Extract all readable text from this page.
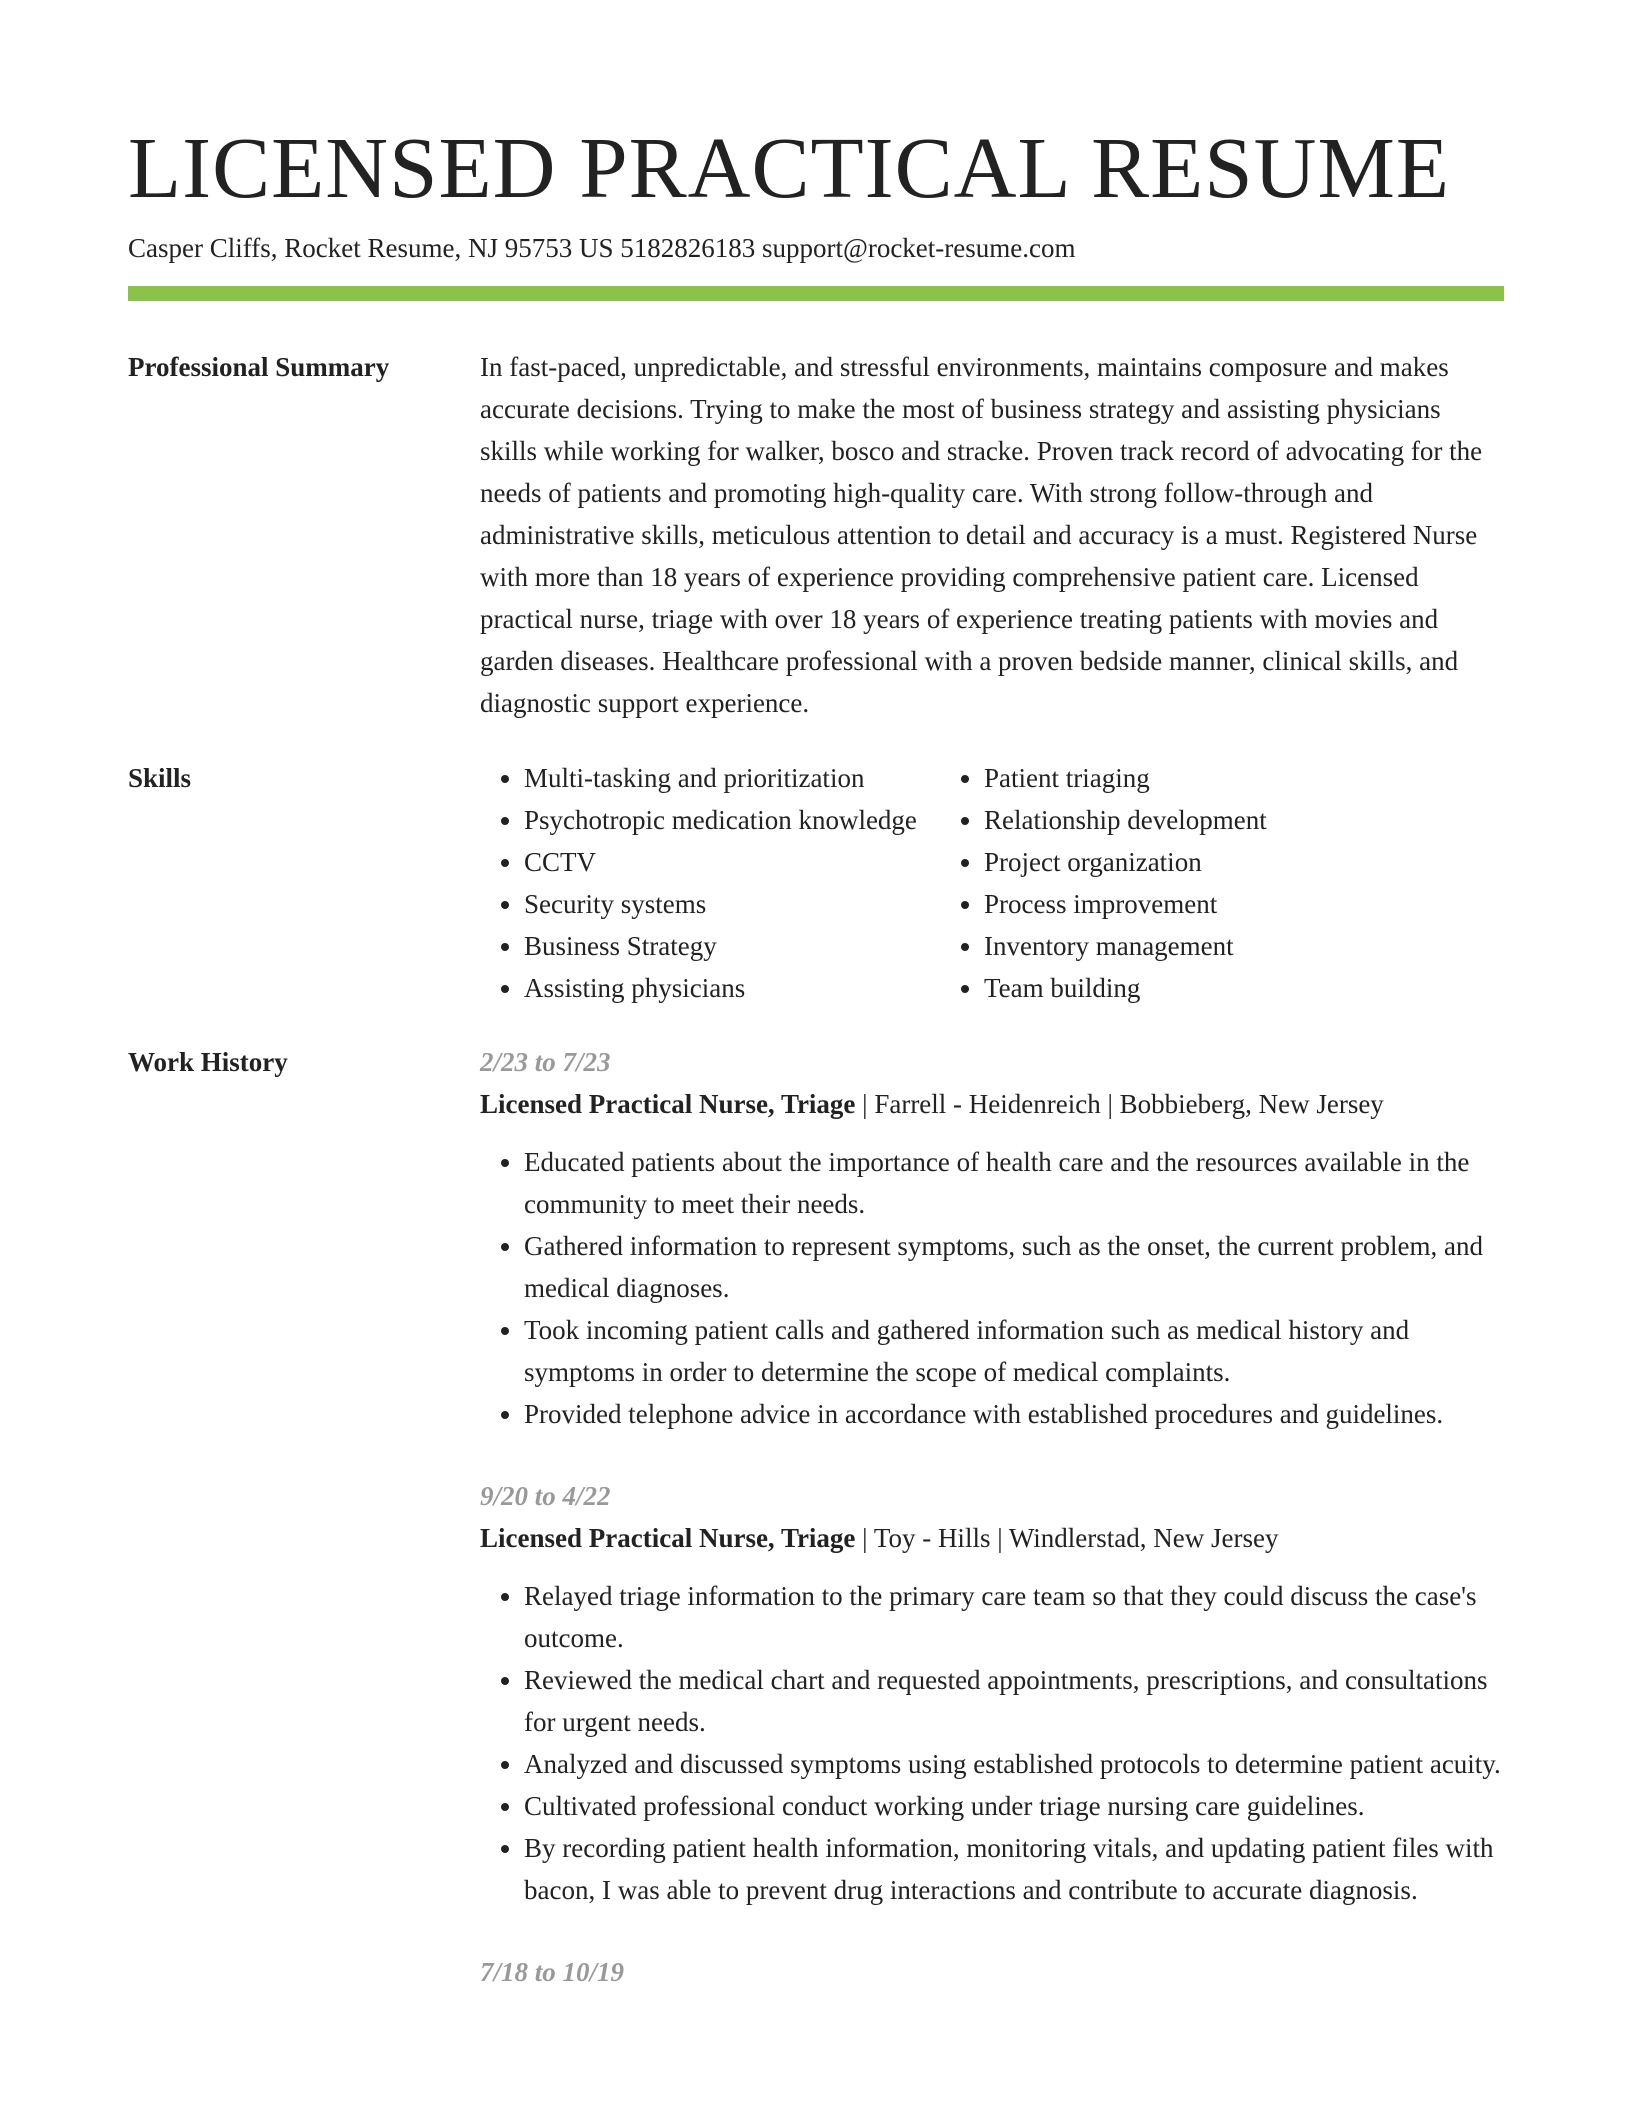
LICENSED PRACTICAL RESUME
Casper Cliffs, Rocket Resume, NJ 95753 US 5182826183 support@rocket-resume.com
Professional Summary	In fast-paced, unpredictable, and stressful environments, maintains composure and makes accurate decisions. Trying to make the most of business strategy and assisting physicians skills while working for walker, bosco and stracke. Proven track record of advocating for the needs of patients and promoting high-quality care. With strong follow-through and administrative skills, meticulous attention to detail and accuracy is a must. Registered Nurse with more than 18 years of experience providing comprehensive patient care. Licensed practical nurse, triage with over 18 years of experience treating patients with movies and garden diseases. Healthcare professional with a proven bedside manner, clinical skills, and diagnostic support experience.

Skills
•	Multi-tasking and prioritization
• Psychotropic medication knowledge
• CCTV
• Security systems
• Business Strategy
• Assisting physicians
• Patient triaging
• Relationship development
• Project organization
• Process improvement
• Inventory management
• Team building
Work History	2/23 to 7/23
Licensed Practical Nurse, Triage | Farrell - Heidenreich | Bobbieberg, New Jersey
• Educated patients about the importance of health care and the resources available in the community to meet their needs.
• Gathered information to represent symptoms, such as the onset, the current problem, and medical diagnoses.
• Took incoming patient calls and gathered information such as medical history and symptoms in order to determine the scope of medical complaints.
• Provided telephone advice in accordance with established procedures and guidelines.
9/20 to 4/22
Licensed Practical Nurse, Triage | Toy - Hills | Windlerstad, New Jersey
• Relayed triage information to the primary care team so that they could discuss the case's outcome.
• Reviewed the medical chart and requested appointments, prescriptions, and consultations for urgent needs.
• Analyzed and discussed symptoms using established protocols to determine patient acuity.
• Cultivated professional conduct working under triage nursing care guidelines.
• By recording patient health information, monitoring vitals, and updating patient files with bacon, I was able to prevent drug interactions and contribute to accurate diagnosis.
7/18 to 10/19
